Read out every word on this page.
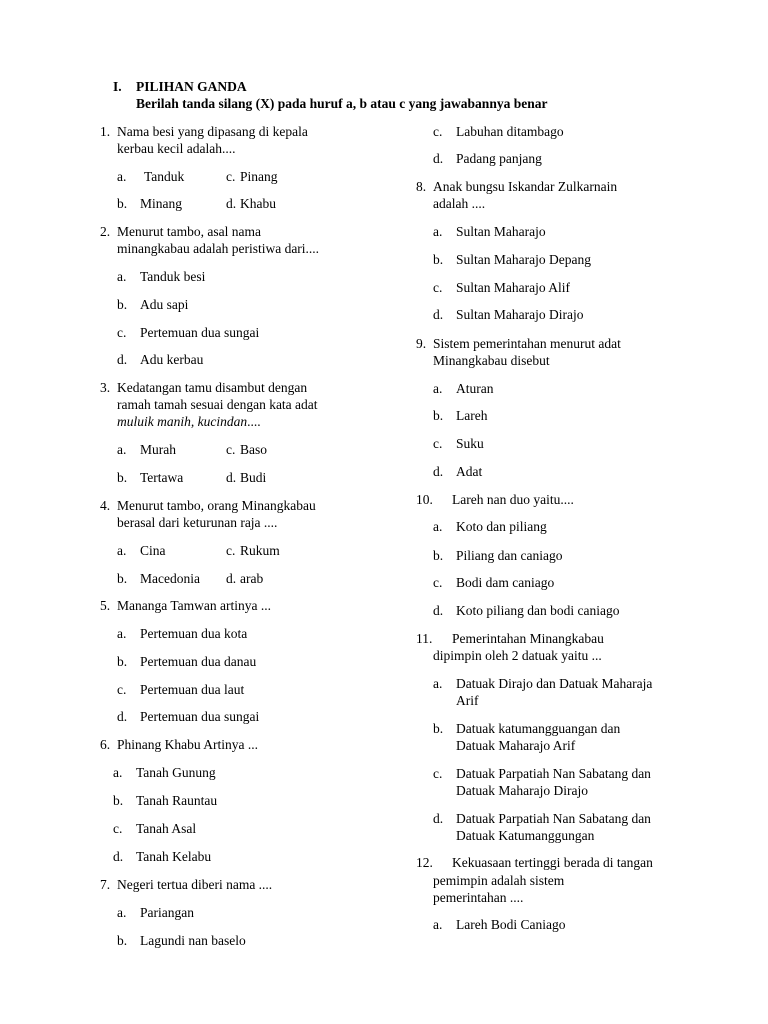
I. PILIHAN GANDA
Berilah tanda silang (X) pada huruf a, b atau c yang jawabannya benar
1. Nama besi yang dipasang di kepala
kerbau kecil adalah....
a. Tanduk	c. Pinang
b. Minang	d. Khabu
2. Menurut tambo, asal nama
minangkabau adalah peristiwa dari....
a. Tanduk besi
b. Adu sapi
c. Pertemuan dua sungai
d. Adu kerbau
3. Kedatangan tamu disambut dengan
ramah tamah sesuai dengan kata adat
muluik manih, kucindan....
a. Murah	c. Baso
b. Tertawa	d. Budi
4. Menurut tambo, orang Minangkabau
berasal dari keturunan raja ....
a. Cina	c. Rukum
b. Macedonia d. arab
5. Mananga Tamwan artinya ...
a. Pertemuan dua kota
b. Pertemuan dua danau
c. Pertemuan dua laut
d. Pertemuan dua sungai
6. Phinang Khabu Artinya ...
a. Tanah Gunung
b. Tanah Rauntau
c. Tanah Asal
d. Tanah Kelabu
7. Negeri tertua diberi nama ....
a. Pariangan
b. Lagundi nan baselo
c. Labuhan ditambago
d. Padang panjang
8. Anak bungsu Iskandar Zulkarnain
adalah ....
a. Sultan Maharajo
b. Sultan Maharajo Depang
c. Sultan Maharajo Alif
d. Sultan Maharajo Dirajo
9. Sistem pemerintahan menurut adat
Minangkabau disebut
a. Aturan
b. Lareh
c. Suku
d. Adat
10. Lareh nan duo yaitu....
a. Koto dan piliang
b. Piliang dan caniago
c. Bodi dam caniago
d. Koto piliang dan bodi caniago
11. Pemerintahan Minangkabau
dipimpin oleh 2 datuak yaitu ...
a. Datuak Dirajo dan Datuak Maharaja
Arif
b. Datuak katumangguangan dan
Datuak Maharajo Arif
c. Datuak Parpatiah Nan Sabatang dan
Datuak Maharajo Dirajo
d. Datuak Parpatiah Nan Sabatang dan
Datuak Katumanggungan
12. Kekuasaan tertinggi berada di tangan
pemimpin adalah sistem
pemerintahan ....
a. Lareh Bodi Caniago
